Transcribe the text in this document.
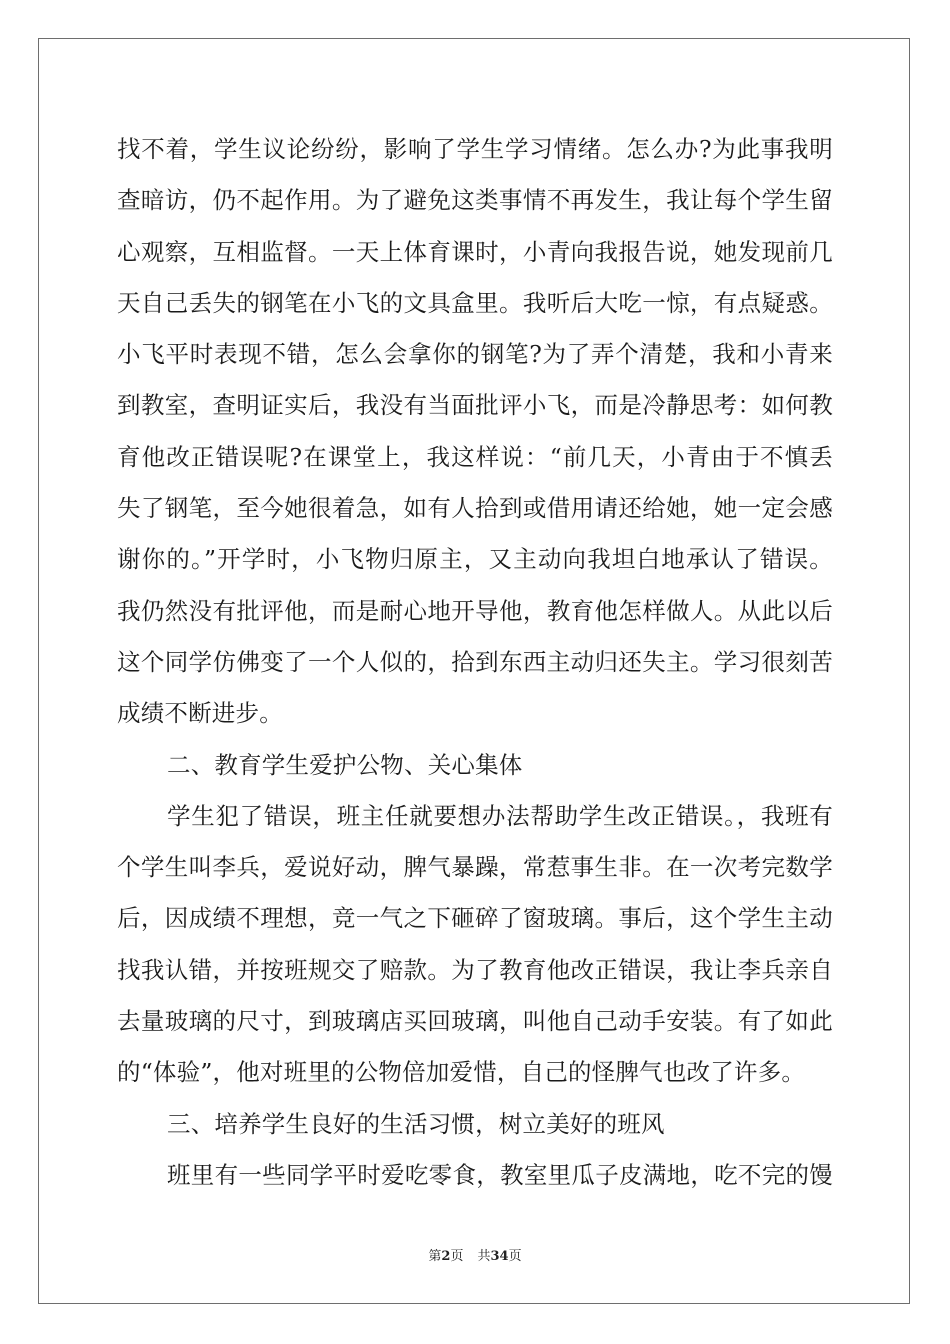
找不着，学生议论纷纷，影响了学生学习情绪。怎么办?为此事我明
查暗访，仍不起作用。为了避免这类事情不再发生，我让每个学生留
心观察，互相监督。一天上体育课时，小青向我报告说，她发现前几
天自己丢失的钢笔在小飞的文具盒里。我听后大吃一惊，有点疑惑。
小飞平时表现不错，怎么会拿你的钢笔?为了弄个清楚，我和小青来
到教室，查明证实后，我没有当面批评小飞，而是冷静思考：如何教
育他改正错误呢?在课堂上，我这样说：“前几天，小青由于不慎丢
失了钢笔，至今她很着急，如有人拾到或借用请还给她，她一定会感
谢你的。”开学时，小飞物归原主，又主动向我坦白地承认了错误。
我仍然没有批评他，而是耐心地开导他，教育他怎样做人。从此以后
这个同学仿佛变了一个人似的，拾到东西主动归还失主。学习很刻苦
成绩不断进步。
二、教育学生爱护公物、关心集体
学生犯了错误，班主任就要想办法帮助学生改正错误。，我班有
个学生叫李兵，爱说好动，脾气暴躁，常惹事生非。在一次考完数学
后，因成绩不理想，竞一气之下砸碎了窗玻璃。事后，这个学生主动
找我认错，并按班规交了赔款。为了教育他改正错误，我让李兵亲自
去量玻璃的尺寸，到玻璃店买回玻璃，叫他自己动手安装。有了如此
的“体验”，他对班里的公物倍加爱惜，自己的怪脾气也改了许多。
三、培养学生良好的生活习惯，树立美好的班风
班里有一些同学平时爱吃零食，教室里瓜子皮满地，吃不完的馒
第2页 共34页
